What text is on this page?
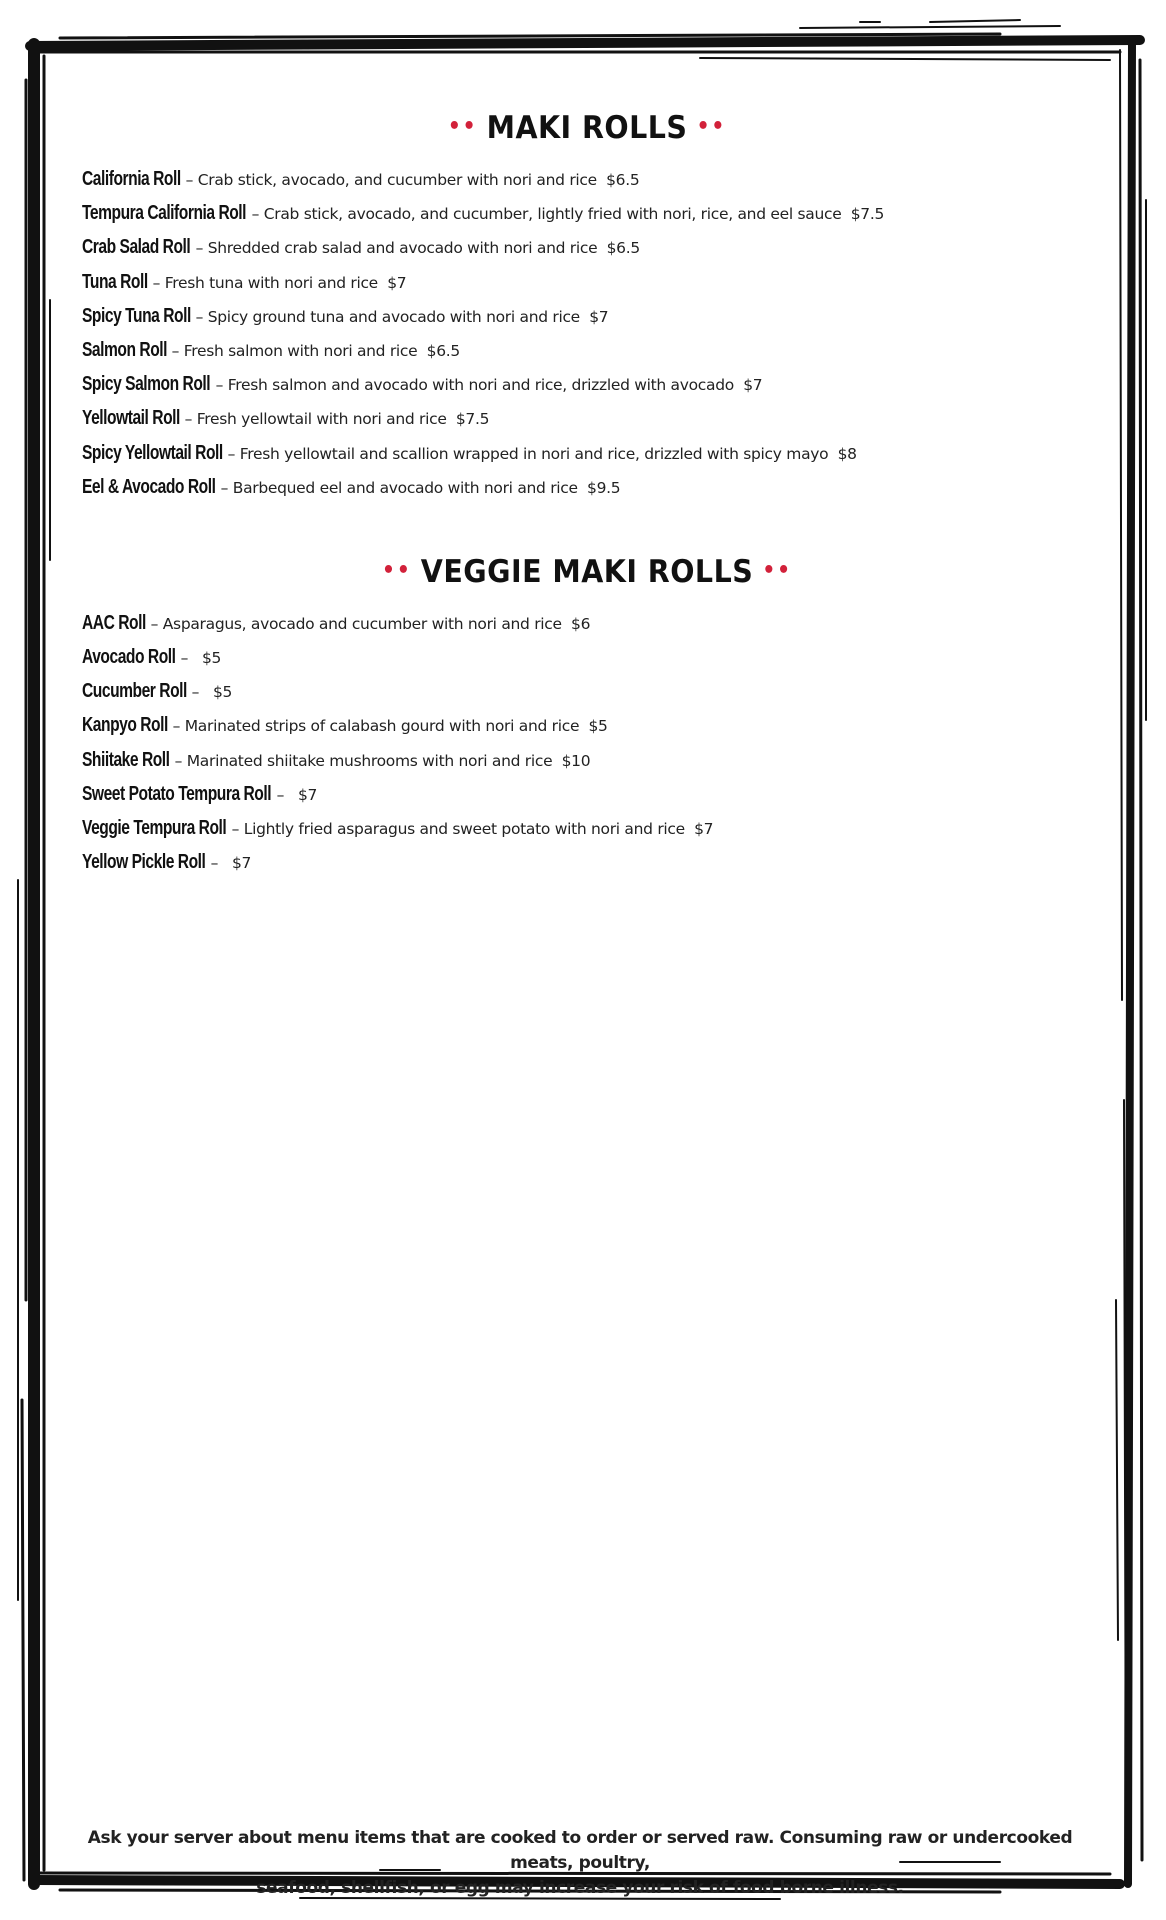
•• MAKI ROLLS ••
California Roll – Crab stick, avocado, and cucumber with nori and rice $6.5
Tempura California Roll – Crab stick, avocado, and cucumber, lightly fried with nori, rice, and eel sauce $7.5
Crab Salad Roll – Shredded crab salad and avocado with nori and rice $6.5
Tuna Roll – Fresh tuna with nori and rice $7
Spicy Tuna Roll – Spicy ground tuna and avocado with nori and rice $7
Salmon Roll – Fresh salmon with nori and rice $6.5
Spicy Salmon Roll – Fresh salmon and avocado with nori and rice, drizzled with avocado $7
Yellowtail Roll – Fresh yellowtail with nori and rice $7.5
Spicy Yellowtail Roll – Fresh yellowtail and scallion wrapped in nori and rice, drizzled with spicy mayo $8
Eel & Avocado Roll – Barbequed eel and avocado with nori and rice $9.5
•• VEGGIE MAKI ROLLS ••
AAC Roll – Asparagus, avocado and cucumber with nori and rice $6
Avocado Roll – $5
Cucumber Roll – $5
Kanpyo Roll – Marinated strips of calabash gourd with nori and rice $5
Shiitake Roll – Marinated shiitake mushrooms with nori and rice $10
Sweet Potato Tempura Roll – $7
Veggie Tempura Roll – Lightly fried asparagus and sweet potato with nori and rice $7
Yellow Pickle Roll – $7
Ask your server about menu items that are cooked to order or served raw. Consuming raw or undercooked meats, poultry,
seafood, shellfish, or egg may increase your risk of food borne illness.
